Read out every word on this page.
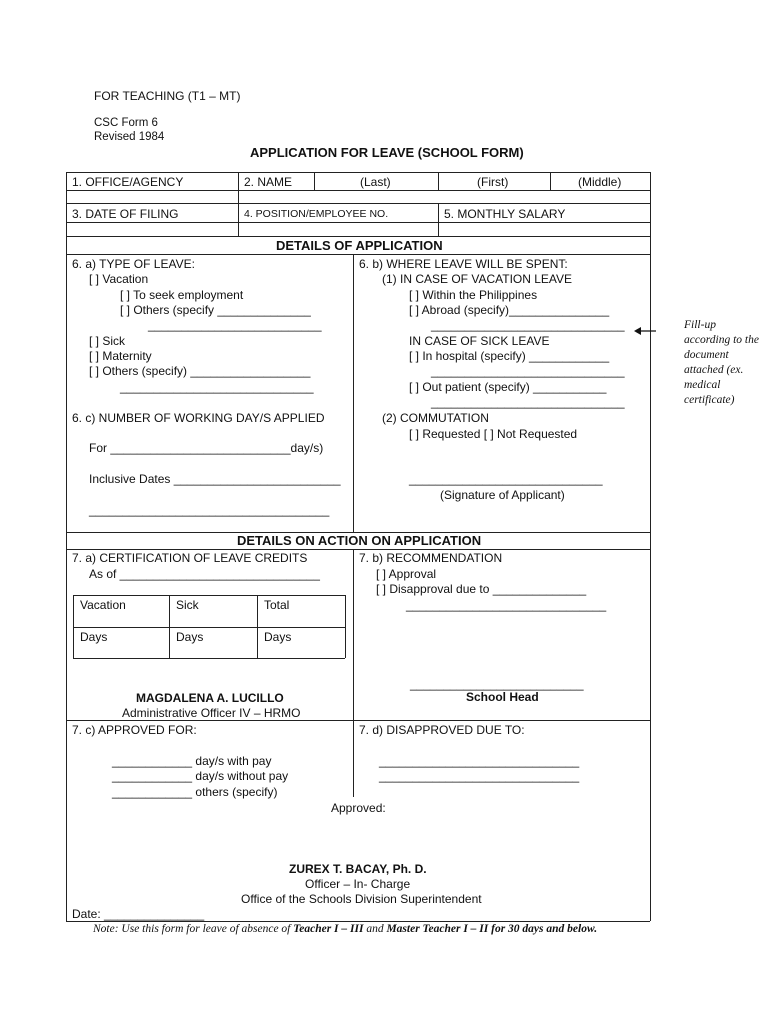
FOR TEACHING (T1 – MT)
CSC Form 6
Revised 1984
APPLICATION FOR LEAVE (SCHOOL FORM)
1. OFFICE/AGENCY	2. NAME	(Last)	(First)	(Middle)
3. DATE OF FILING	4. POSITION/EMPLOYEE NO.	5. MONTHLY SALARY
DETAILS OF APPLICATION
6. a) TYPE OF LEAVE:
[ ] Vacation
[ ] To seek employment
[ ] Others (specify ______________
__________________________
[ ] Sick
[ ] Maternity
[ ] Others (specify) __________________
_____________________________
6. c) NUMBER OF WORKING DAY/S APPLIED
For ___________________________day/s)
Inclusive Dates _________________________
____________________________________
6. b) WHERE LEAVE WILL BE SPENT:
(1) IN CASE OF VACATION LEAVE
[ ] Within the Philippines
[ ] Abroad (specify)_______________
_____________________________
IN CASE OF SICK LEAVE
[ ] In hospital (specify) ____________
_____________________________
[ ] Out patient (specify) ___________
_____________________________
(2) COMMUTATION
[ ] Requested [ ] Not Requested
_____________________________
(Signature of Applicant)
Fill-up according to the document attached (ex. medical certificate)
DETAILS ON ACTION ON APPLICATION
7. a) CERTIFICATION OF LEAVE CREDITS
As of ______________________________
Vacation	Sick	Total
Days	Days	Days
MAGDALENA A. LUCILLO
Administrative Officer IV – HRMO
7. b) RECOMMENDATION
[ ] Approval
[ ] Disapproval due to ______________
______________________________
__________________________
School Head
7. c) APPROVED FOR:
____________ day/s with pay
____________ day/s without pay
____________ others (specify)
7. d) DISAPPROVED DUE TO:
______________________________
______________________________
Approved:
ZUREX T. BACAY, Ph. D.
Officer – In- Charge
Office of the Schools Division Superintendent
Date: _______________
Note: Use this form for leave of absence of Teacher I – III and Master Teacher I – II for 30 days and below.
